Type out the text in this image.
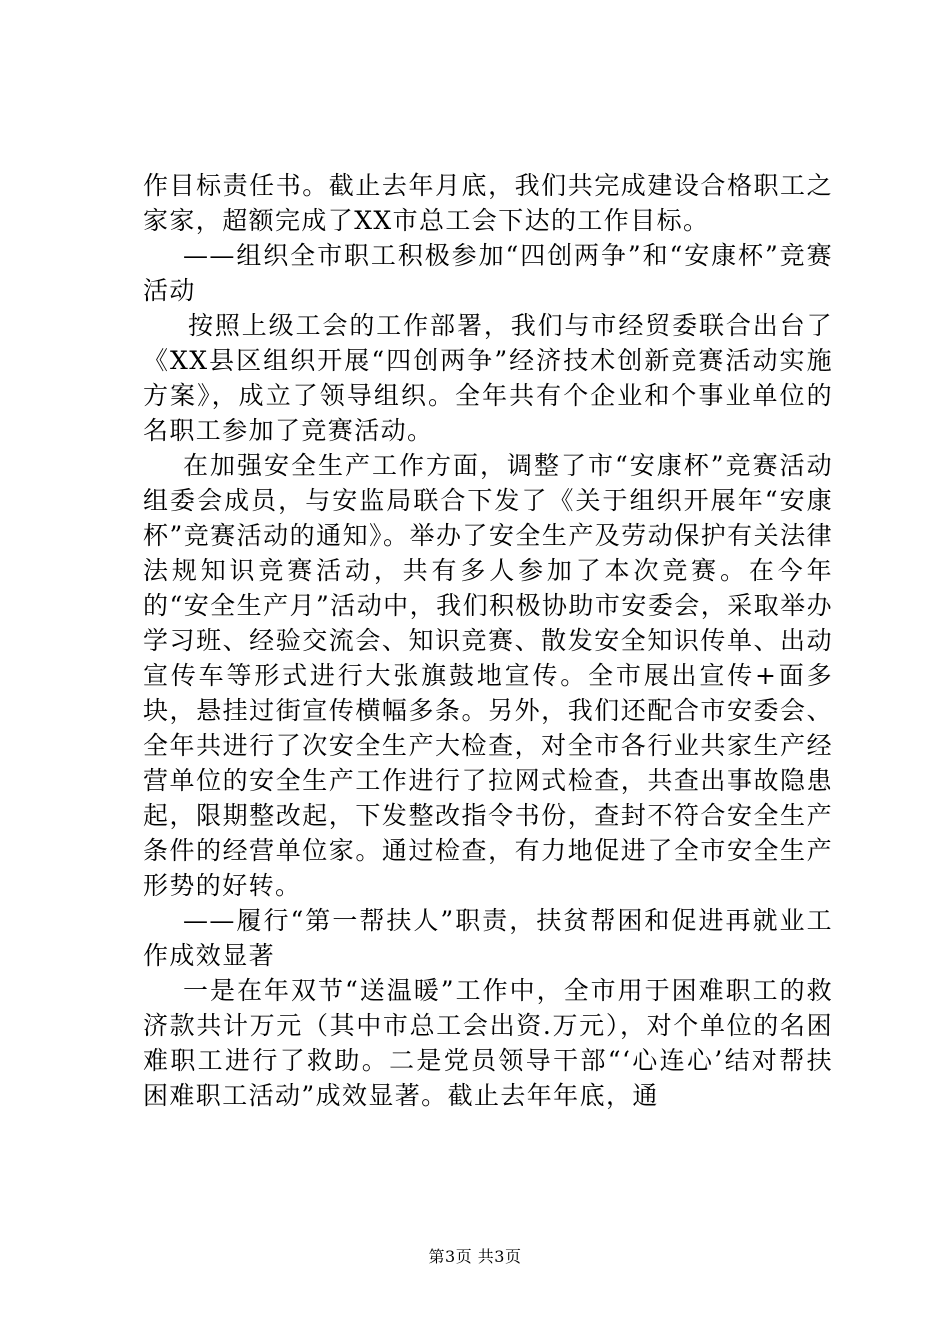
作目标责任书。截止去年月底，我们共完成建设合格职工之家家，超额完成了XX市总工会下达的工作目标。

——组织全市职工积极参加“四创两争”和“安康杯”竞赛活动

按照上级工会的工作部署，我们与市经贸委联合出台了《XX县区组织开展“四创两争”经济技术创新竞赛活动实施方案》，成立了领导组织。全年共有个企业和个事业单位的名职工参加了竞赛活动。

在加强安全生产工作方面，调整了市“安康杯”竞赛活动组委会成员，与安监局联合下发了《关于组织开展年“安康杯”竞赛活动的通知》。举办了安全生产及劳动保护有关法律法规知识竞赛活动，共有多人参加了本次竞赛。在今年的“安全生产月”活动中，我们积极协助市安委会，采取举办学习班、经验交流会、知识竞赛、散发安全知识传单、出动宣传车等形式进行大张旗鼓地宣传。全市展出宣传+面多块，悬挂过街宣传横幅多条。另外，我们还配合市安委会、全年共进行了次安全生产大检查，对全市各行业共家生产经营单位的安全生产工作进行了拉网式检查，共查出事故隐患起，限期整改起，下发整改指令书份，查封不符合安全生产条件的经营单位家。通过检查，有力地促进了全市安全生产形势的好转。

——履行“第一帮扶人”职责，扶贫帮困和促进再就业工作成效显著

一是在年双节“送温暖”工作中，全市用于困难职工的救济款共计万元（其中市总工会出资.万元），对个单位的名困难职工进行了救助。二是党员领导干部“‘心连心’结对帮扶困难职工活动”成效显著。截止去年年底，通

第3页 共3页
